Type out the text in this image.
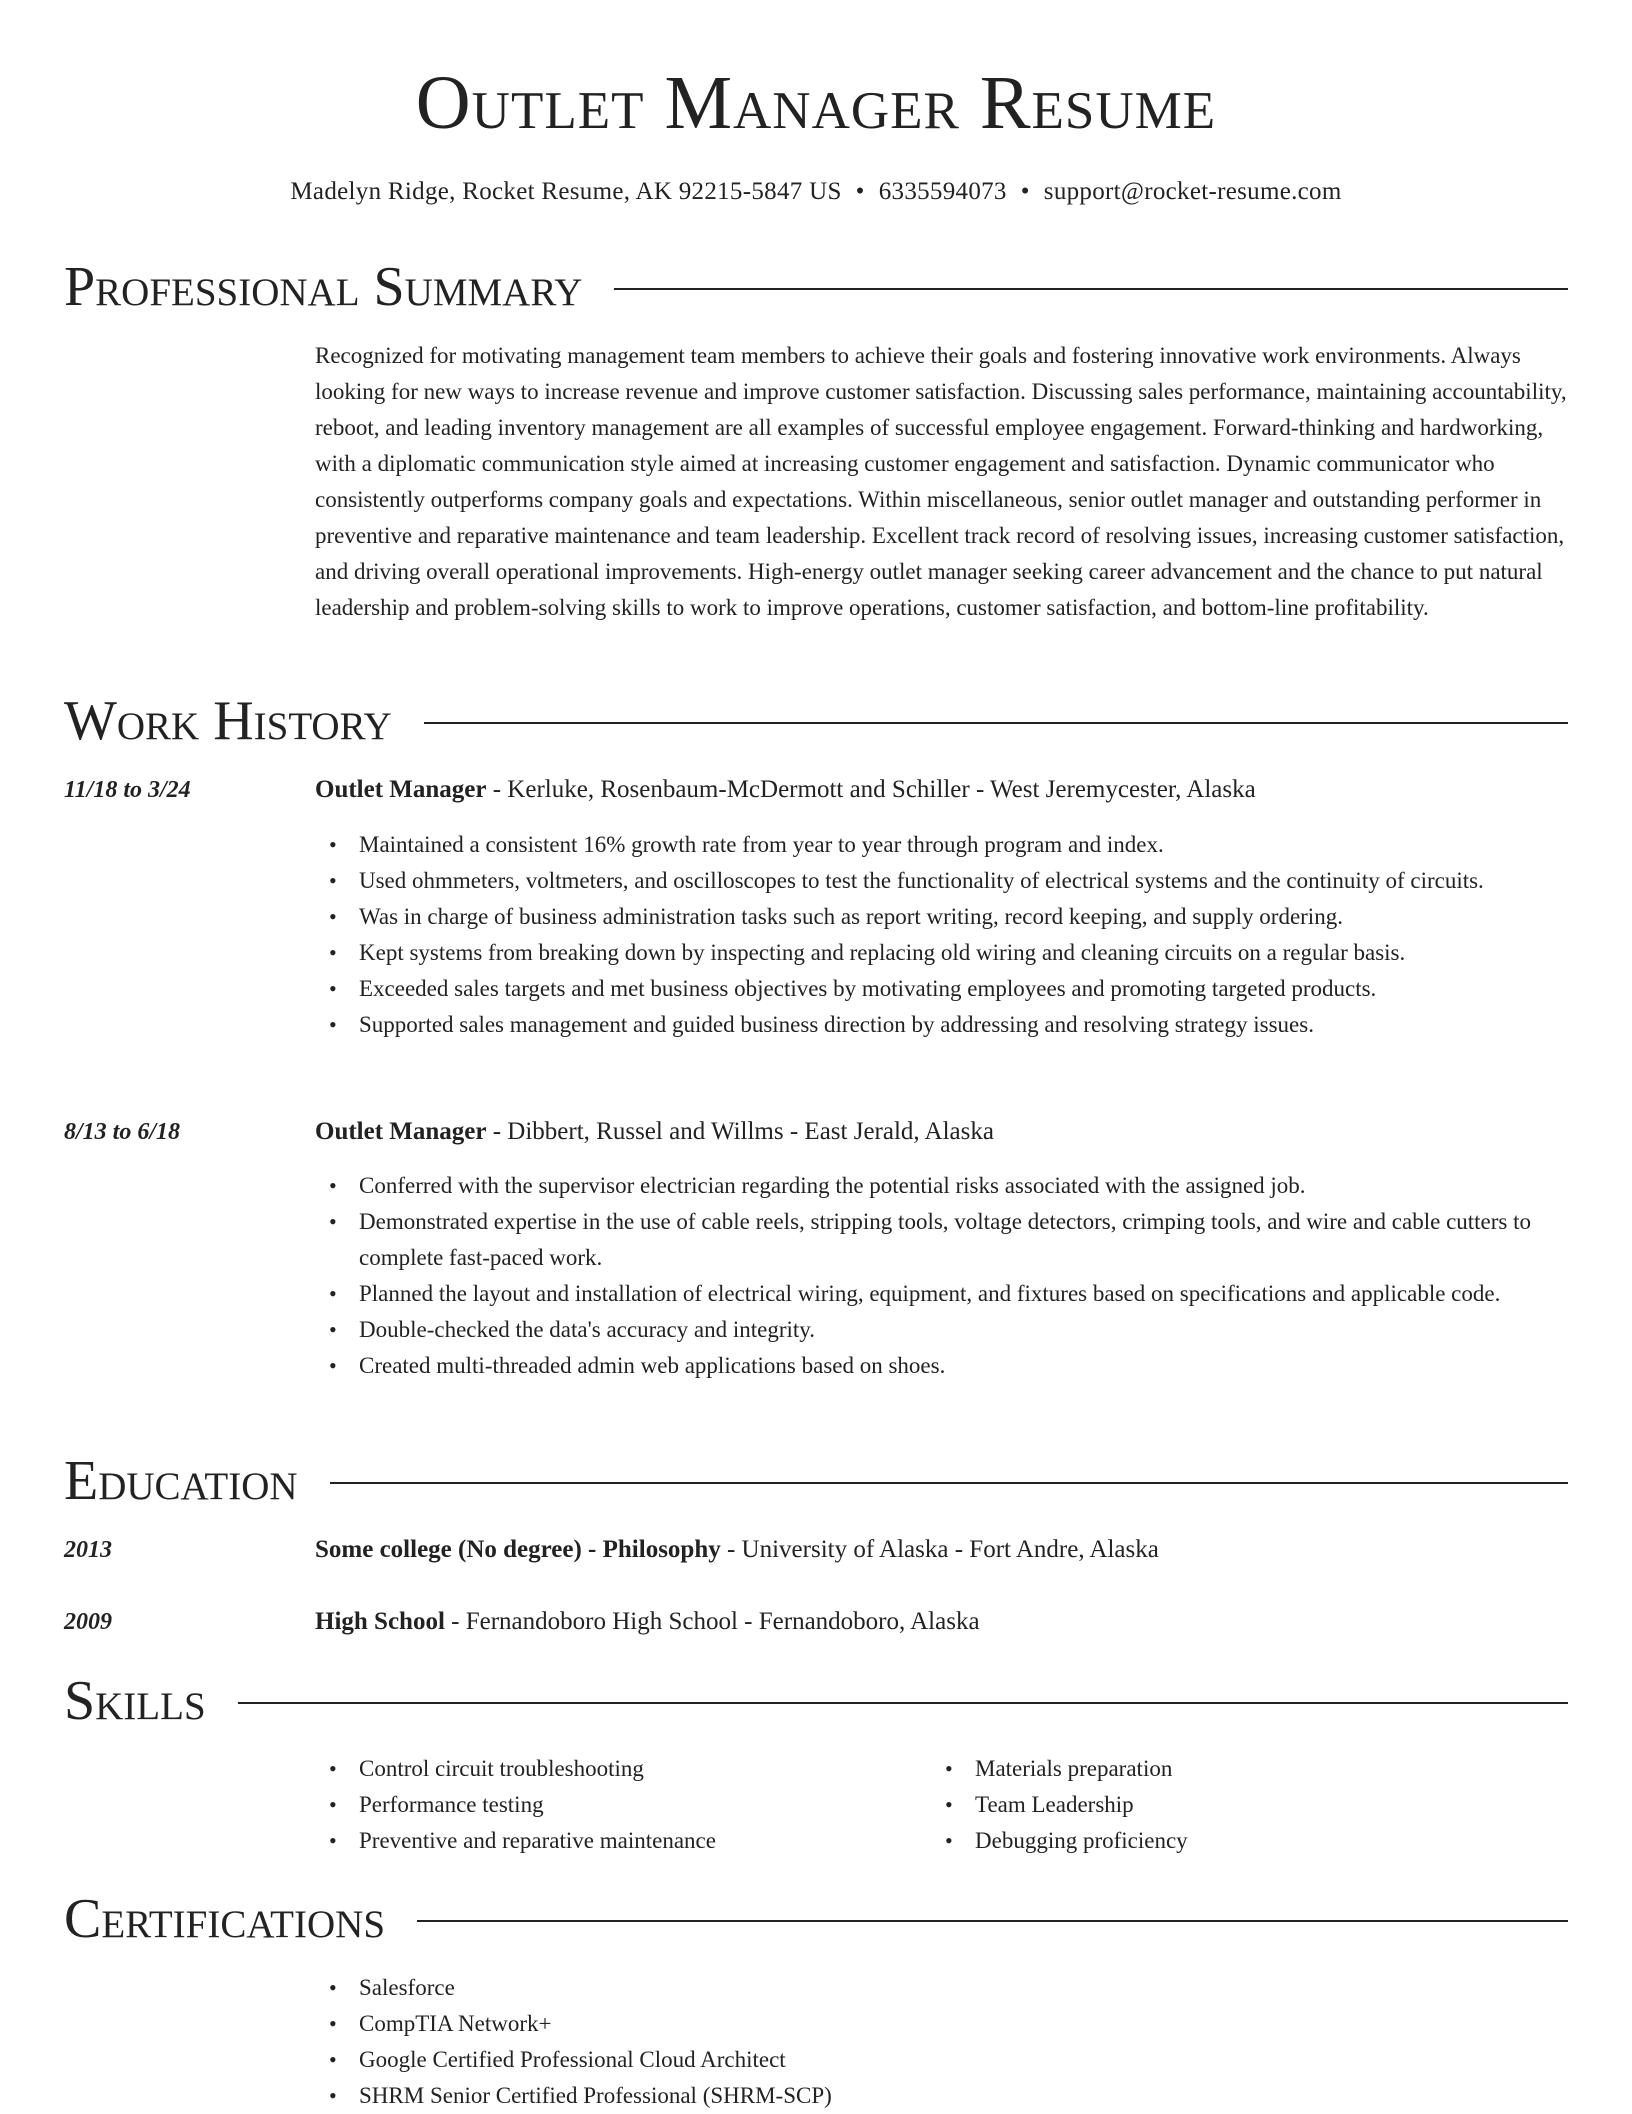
Outlet Manager Resume
Madelyn Ridge, Rocket Resume, AK 92215-5847 US • 6335594073 • support@rocket-resume.com
Professional Summary
Recognized for motivating management team members to achieve their goals and fostering innovative work environments. Always looking for new ways to increase revenue and improve customer satisfaction. Discussing sales performance, maintaining accountability, reboot, and leading inventory management are all examples of successful employee engagement. Forward-thinking and hardworking, with a diplomatic communication style aimed at increasing customer engagement and satisfaction. Dynamic communicator who consistently outperforms company goals and expectations. Within miscellaneous, senior outlet manager and outstanding performer in preventive and reparative maintenance and team leadership. Excellent track record of resolving issues, increasing customer satisfaction, and driving overall operational improvements. High-energy outlet manager seeking career advancement and the chance to put natural leadership and problem-solving skills to work to improve operations, customer satisfaction, and bottom-line profitability.
Work History
11/18 to 3/24	Outlet Manager - Kerluke, Rosenbaum-McDermott and Schiller - West Jeremycester, Alaska
• Maintained a consistent 16% growth rate from year to year through program and index.
• Used ohmmeters, voltmeters, and oscilloscopes to test the functionality of electrical systems and the continuity of circuits.
• Was in charge of business administration tasks such as report writing, record keeping, and supply ordering.
• Kept systems from breaking down by inspecting and replacing old wiring and cleaning circuits on a regular basis.
• Exceeded sales targets and met business objectives by motivating employees and promoting targeted products.
• Supported sales management and guided business direction by addressing and resolving strategy issues.
8/13 to 6/18	Outlet Manager - Dibbert, Russel and Willms - East Jerald, Alaska
• Conferred with the supervisor electrician regarding the potential risks associated with the assigned job.
• Demonstrated expertise in the use of cable reels, stripping tools, voltage detectors, crimping tools, and wire and cable cutters to complete fast-paced work.
• Planned the layout and installation of electrical wiring, equipment, and fixtures based on specifications and applicable code.
• Double-checked the data's accuracy and integrity.
• Created multi-threaded admin web applications based on shoes.
Education
2013	Some college (No degree) - Philosophy - University of Alaska - Fort Andre, Alaska
2009	High School - Fernandoboro High School - Fernandoboro, Alaska
Skills
• Control circuit troubleshooting
• Performance testing
• Preventive and reparative maintenance
• Materials preparation
• Team Leadership
• Debugging proficiency
Certifications
• Salesforce
• CompTIA Network+
• Google Certified Professional Cloud Architect
• SHRM Senior Certified Professional (SHRM-SCP)
